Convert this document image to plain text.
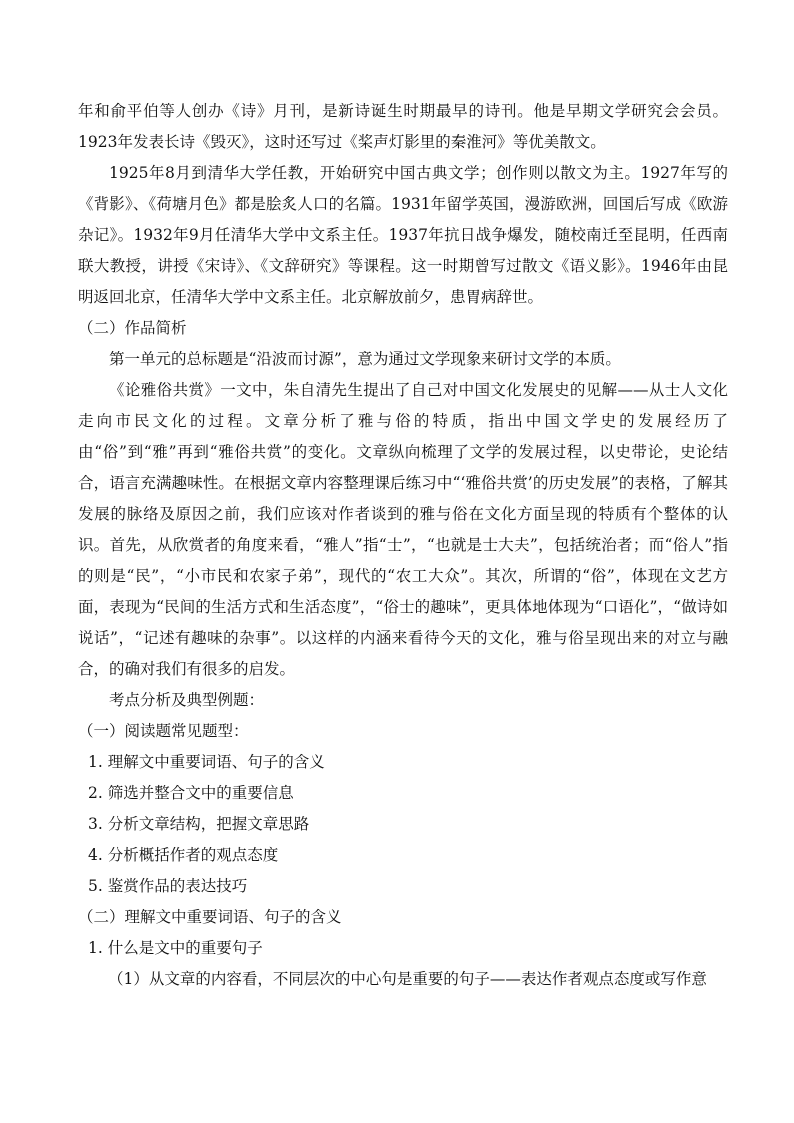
年和俞平伯等人创办《诗》月刊，是新诗诞生时期最早的诗刊。他是早期文学研究会会员。1923年发表长诗《毁灭》，这时还写过《桨声灯影里的秦淮河》等优美散文。

1925年8月到清华大学任教，开始研究中国古典文学；创作则以散文为主。1927年写的《背影》、《荷塘月色》都是脍炙人口的名篇。1931年留学英国，漫游欧洲，回国后写成《欧游杂记》。1932年9月任清华大学中文系主任。1937年抗日战争爆发，随校南迁至昆明，任西南联大教授，讲授《宋诗》、《文辞研究》等课程。这一时期曾写过散文《语义影》。1946年由昆明返回北京，任清华大学中文系主任。北京解放前夕，患胃病辞世。

（二）作品简析

第一单元的总标题是“沿波而讨源”，意为通过文学现象来研讨文学的本质。

《论雅俗共赏》一文中，朱自清先生提出了自己对中国文化发展史的见解——从士人文化走向市民文化的过程。文章分析了雅与俗的特质，指出中国文学史的发展经历了由“俗”到“雅”再到“雅俗共赏”的变化。文章纵向梳理了文学的发展过程，以史带论，史论结合，语言充满趣味性。在根据文章内容整理课后练习中“‘雅俗共赏’的历史发展”的表格，了解其发展的脉络及原因之前，我们应该对作者谈到的雅与俗在文化方面呈现的特质有个整体的认识。首先，从欣赏者的角度来看，“雅人”指“士”，“也就是士大夫”，包括统治者；而“俗人”指的则是“民”，“小市民和农家子弟”，现代的“农工大众”。其次，所谓的“俗”，体现在文艺方面，表现为“民间的生活方式和生活态度”，“俗士的趣味”，更具体地体现为“口语化”，“做诗如说话”，“记述有趣味的杂事”。以这样的内涵来看待今天的文化，雅与俗呈现出来的对立与融合，的确对我们有很多的启发。

考点分析及典型例题：

（一）阅读题常见题型：

1. 理解文中重要词语、句子的含义

2. 筛选并整合文中的重要信息

3. 分析文章结构，把握文章思路

4. 分析概括作者的观点态度

5. 鉴赏作品的表达技巧

（二）理解文中重要词语、句子的含义

1. 什么是文中的重要句子

（1）从文章的内容看，不同层次的中心句是重要的句子——表达作者观点态度或写作意
